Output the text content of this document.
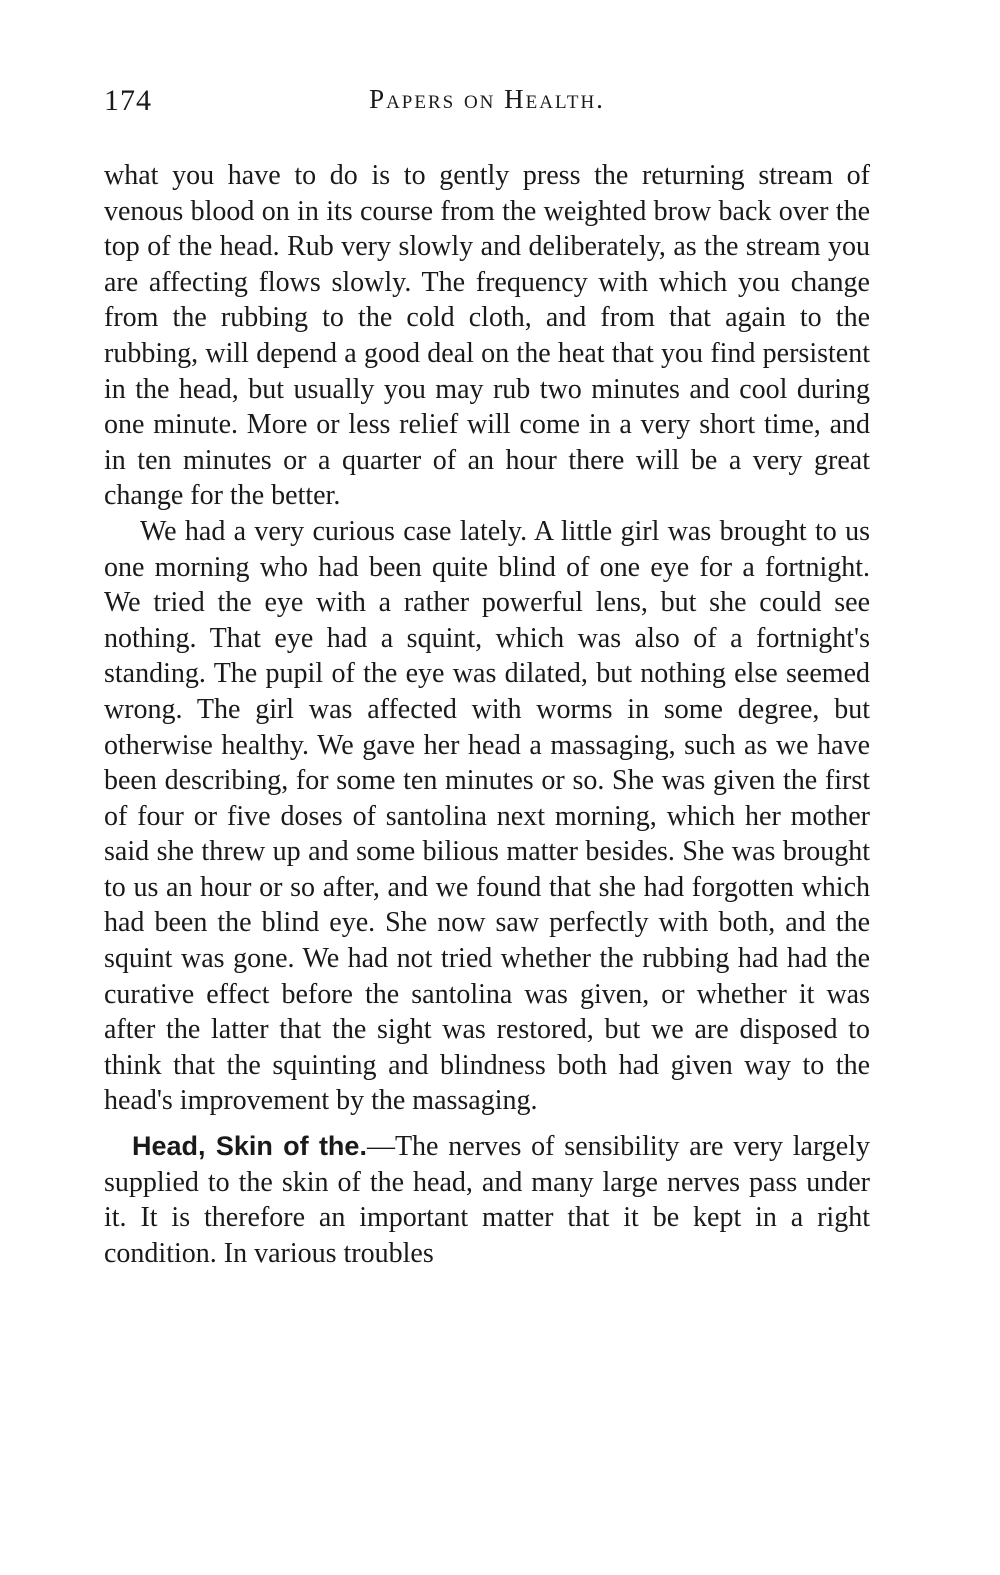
174	Papers on Health.

what you have to do is to gently press the returning stream of venous blood on in its course from the weighted brow back over the top of the head. Rub very slowly and deliberately, as the stream you are affecting flows slowly. The frequency with which you change from the rubbing to the cold cloth, and from that again to the rubbing, will depend a good deal on the heat that you find persistent in the head, but usually you may rub two minutes and cool during one minute. More or less relief will come in a very short time, and in ten minutes or a quarter of an hour there will be a very great change for the better.

We had a very curious case lately. A little girl was brought to us one morning who had been quite blind of one eye for a fortnight. We tried the eye with a rather powerful lens, but she could see nothing. That eye had a squint, which was also of a fortnight's standing. The pupil of the eye was dilated, but nothing else seemed wrong. The girl was affected with worms in some degree, but otherwise healthy. We gave her head a massaging, such as we have been describing, for some ten minutes or so. She was given the first of four or five doses of santolina next morning, which her mother said she threw up and some bilious matter besides. She was brought to us an hour or so after, and we found that she had forgotten which had been the blind eye. She now saw perfectly with both, and the squint was gone. We had not tried whether the rubbing had had the curative effect before the santolina was given, or whether it was after the latter that the sight was restored, but we are disposed to think that the squinting and blindness both had given way to the head's improvement by the massaging.

Head, Skin of the.—The nerves of sensibility are very largely supplied to the skin of the head, and many large nerves pass under it. It is therefore an important matter that it be kept in a right condition. In various troubles
